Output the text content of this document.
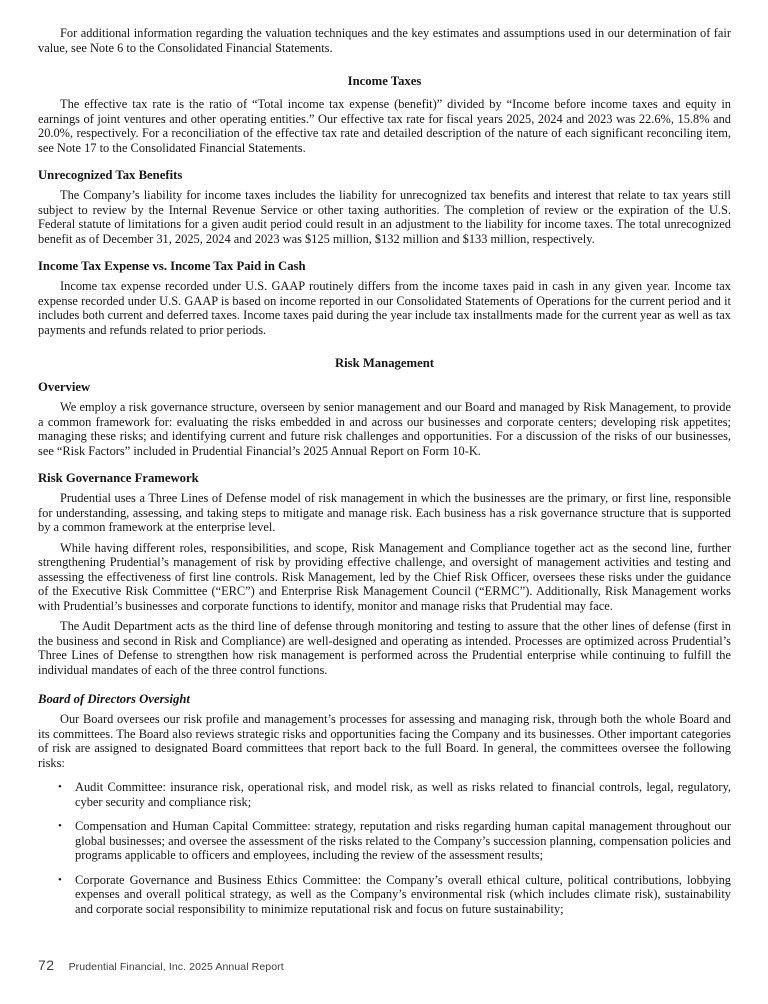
For additional information regarding the valuation techniques and the key estimates and assumptions used in our determination of fair value, see Note 6 to the Consolidated Financial Statements.

Income Taxes

The effective tax rate is the ratio of “Total income tax expense (benefit)” divided by “Income before income taxes and equity in earnings of joint ventures and other operating entities.” Our effective tax rate for fiscal years 2025, 2024 and 2023 was 22.6%, 15.8% and 20.0%, respectively. For a reconciliation of the effective tax rate and detailed description of the nature of each significant reconciling item, see Note 17 to the Consolidated Financial Statements.

Unrecognized Tax Benefits

The Company’s liability for income taxes includes the liability for unrecognized tax benefits and interest that relate to tax years still subject to review by the Internal Revenue Service or other taxing authorities. The completion of review or the expiration of the U.S. Federal statute of limitations for a given audit period could result in an adjustment to the liability for income taxes. The total unrecognized benefit as of December 31, 2025, 2024 and 2023 was $125 million, $132 million and $133 million, respectively.

Income Tax Expense vs. Income Tax Paid in Cash

Income tax expense recorded under U.S. GAAP routinely differs from the income taxes paid in cash in any given year. Income tax expense recorded under U.S. GAAP is based on income reported in our Consolidated Statements of Operations for the current period and it includes both current and deferred taxes. Income taxes paid during the year include tax installments made for the current year as well as tax payments and refunds related to prior periods.

Risk Management
Overview

We employ a risk governance structure, overseen by senior management and our Board and managed by Risk Management, to provide a common framework for: evaluating the risks embedded in and across our businesses and corporate centers; developing risk appetites; managing these risks; and identifying current and future risk challenges and opportunities. For a discussion of the risks of our businesses, see “Risk Factors” included in Prudential Financial’s 2025 Annual Report on Form 10-K.

Risk Governance Framework

Prudential uses a Three Lines of Defense model of risk management in which the businesses are the primary, or first line, responsible for understanding, assessing, and taking steps to mitigate and manage risk. Each business has a risk governance structure that is supported by a common framework at the enterprise level.

While having different roles, responsibilities, and scope, Risk Management and Compliance together act as the second line, further strengthening Prudential’s management of risk by providing effective challenge, and oversight of management activities and testing and assessing the effectiveness of first line controls. Risk Management, led by the Chief Risk Officer, oversees these risks under the guidance of the Executive Risk Committee (“ERC”) and Enterprise Risk Management Council (“ERMC”). Additionally, Risk Management works with Prudential’s businesses and corporate functions to identify, monitor and manage risks that Prudential may face.

The Audit Department acts as the third line of defense through monitoring and testing to assure that the other lines of defense (first in the business and second in Risk and Compliance) are well-designed and operating as intended. Processes are optimized across Prudential’s Three Lines of Defense to strengthen how risk management is performed across the Prudential enterprise while continuing to fulfill the individual mandates of each of the three control functions.

Board of Directors Oversight

Our Board oversees our risk profile and management’s processes for assessing and managing risk, through both the whole Board and its committees. The Board also reviews strategic risks and opportunities facing the Company and its businesses. Other important categories of risk are assigned to designated Board committees that report back to the full Board. In general, the committees oversee the following risks:

•	Audit Committee: insurance risk, operational risk, and model risk, as well as risks related to financial controls, legal, regulatory, cyber security and compliance risk;
•	Compensation and Human Capital Committee: strategy, reputation and risks regarding human capital management throughout our global businesses; and oversee the assessment of the risks related to the Company’s succession planning, compensation policies and programs applicable to officers and employees, including the review of the assessment results;
•	Corporate Governance and Business Ethics Committee: the Company’s overall ethical culture, political contributions, lobbying expenses and overall political strategy, as well as the Company’s environmental risk (which includes climate risk), sustainability and corporate social responsibility to minimize reputational risk and focus on future sustainability;
72 Prudential Financial, Inc. 2025 Annual Report
